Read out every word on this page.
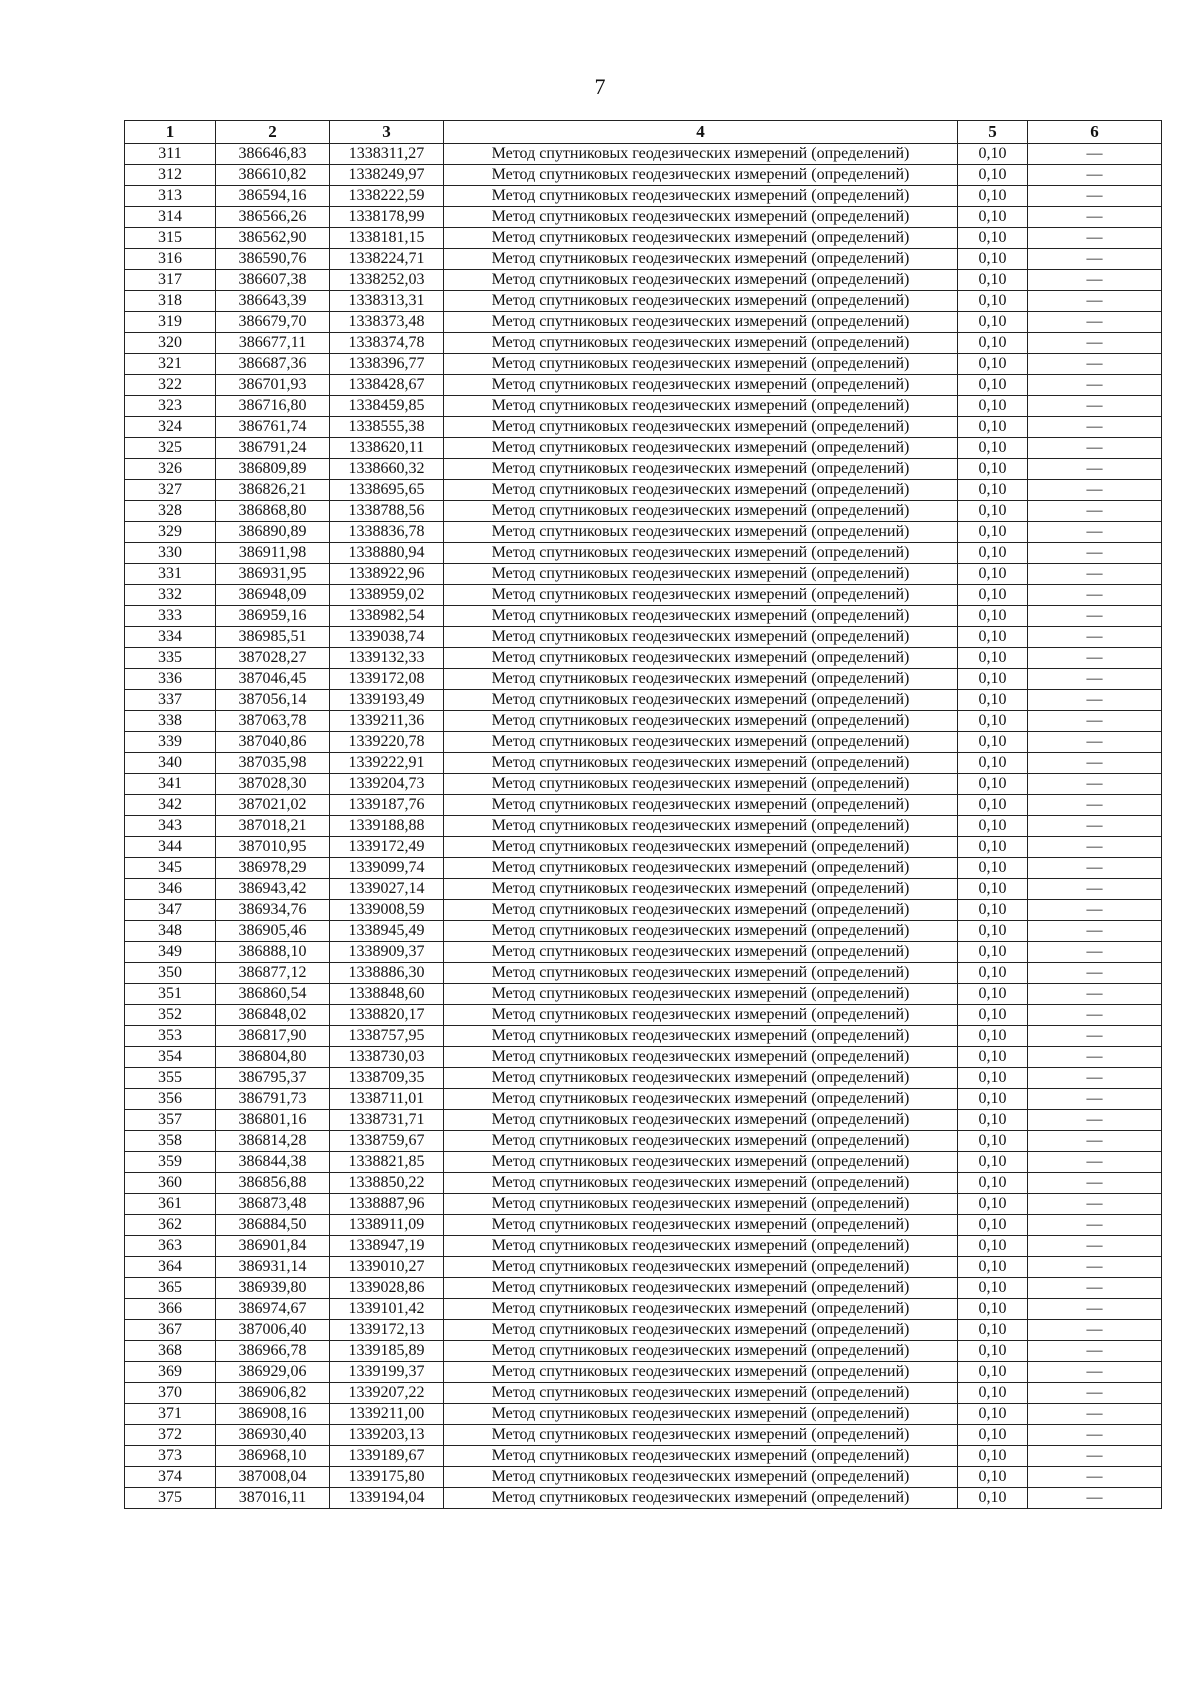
7
1	2	3	4	5	6
311	386646,83	1338311,27	Метод спутниковых геодезических измерений (определений)	0,10	—
312	386610,82	1338249,97	Метод спутниковых геодезических измерений (определений)	0,10	—
313	386594,16	1338222,59	Метод спутниковых геодезических измерений (определений)	0,10	—
314	386566,26	1338178,99	Метод спутниковых геодезических измерений (определений)	0,10	—
315	386562,90	1338181,15	Метод спутниковых геодезических измерений (определений)	0,10	—
316	386590,76	1338224,71	Метод спутниковых геодезических измерений (определений)	0,10	—
317	386607,38	1338252,03	Метод спутниковых геодезических измерений (определений)	0,10	—
318	386643,39	1338313,31	Метод спутниковых геодезических измерений (определений)	0,10	—
319	386679,70	1338373,48	Метод спутниковых геодезических измерений (определений)	0,10	—
320	386677,11	1338374,78	Метод спутниковых геодезических измерений (определений)	0,10	—
321	386687,36	1338396,77	Метод спутниковых геодезических измерений (определений)	0,10	—
322	386701,93	1338428,67	Метод спутниковых геодезических измерений (определений)	0,10	—
323	386716,80	1338459,85	Метод спутниковых геодезических измерений (определений)	0,10	—
324	386761,74	1338555,38	Метод спутниковых геодезических измерений (определений)	0,10	—
325	386791,24	1338620,11	Метод спутниковых геодезических измерений (определений)	0,10	—
326	386809,89	1338660,32	Метод спутниковых геодезических измерений (определений)	0,10	—
327	386826,21	1338695,65	Метод спутниковых геодезических измерений (определений)	0,10	—
328	386868,80	1338788,56	Метод спутниковых геодезических измерений (определений)	0,10	—
329	386890,89	1338836,78	Метод спутниковых геодезических измерений (определений)	0,10	—
330	386911,98	1338880,94	Метод спутниковых геодезических измерений (определений)	0,10	—
331	386931,95	1338922,96	Метод спутниковых геодезических измерений (определений)	0,10	—
332	386948,09	1338959,02	Метод спутниковых геодезических измерений (определений)	0,10	—
333	386959,16	1338982,54	Метод спутниковых геодезических измерений (определений)	0,10	—
334	386985,51	1339038,74	Метод спутниковых геодезических измерений (определений)	0,10	—
335	387028,27	1339132,33	Метод спутниковых геодезических измерений (определений)	0,10	—
336	387046,45	1339172,08	Метод спутниковых геодезических измерений (определений)	0,10	—
337	387056,14	1339193,49	Метод спутниковых геодезических измерений (определений)	0,10	—
338	387063,78	1339211,36	Метод спутниковых геодезических измерений (определений)	0,10	—
339	387040,86	1339220,78	Метод спутниковых геодезических измерений (определений)	0,10	—
340	387035,98	1339222,91	Метод спутниковых геодезических измерений (определений)	0,10	—
341	387028,30	1339204,73	Метод спутниковых геодезических измерений (определений)	0,10	—
342	387021,02	1339187,76	Метод спутниковых геодезических измерений (определений)	0,10	—
343	387018,21	1339188,88	Метод спутниковых геодезических измерений (определений)	0,10	—
344	387010,95	1339172,49	Метод спутниковых геодезических измерений (определений)	0,10	—
345	386978,29	1339099,74	Метод спутниковых геодезических измерений (определений)	0,10	—
346	386943,42	1339027,14	Метод спутниковых геодезических измерений (определений)	0,10	—
347	386934,76	1339008,59	Метод спутниковых геодезических измерений (определений)	0,10	—
348	386905,46	1338945,49	Метод спутниковых геодезических измерений (определений)	0,10	—
349	386888,10	1338909,37	Метод спутниковых геодезических измерений (определений)	0,10	—
350	386877,12	1338886,30	Метод спутниковых геодезических измерений (определений)	0,10	—
351	386860,54	1338848,60	Метод спутниковых геодезических измерений (определений)	0,10	—
352	386848,02	1338820,17	Метод спутниковых геодезических измерений (определений)	0,10	—
353	386817,90	1338757,95	Метод спутниковых геодезических измерений (определений)	0,10	—
354	386804,80	1338730,03	Метод спутниковых геодезических измерений (определений)	0,10	—
355	386795,37	1338709,35	Метод спутниковых геодезических измерений (определений)	0,10	—
356	386791,73	1338711,01	Метод спутниковых геодезических измерений (определений)	0,10	—
357	386801,16	1338731,71	Метод спутниковых геодезических измерений (определений)	0,10	—
358	386814,28	1338759,67	Метод спутниковых геодезических измерений (определений)	0,10	—
359	386844,38	1338821,85	Метод спутниковых геодезических измерений (определений)	0,10	—
360	386856,88	1338850,22	Метод спутниковых геодезических измерений (определений)	0,10	—
361	386873,48	1338887,96	Метод спутниковых геодезических измерений (определений)	0,10	—
362	386884,50	1338911,09	Метод спутниковых геодезических измерений (определений)	0,10	—
363	386901,84	1338947,19	Метод спутниковых геодезических измерений (определений)	0,10	—
364	386931,14	1339010,27	Метод спутниковых геодезических измерений (определений)	0,10	—
365	386939,80	1339028,86	Метод спутниковых геодезических измерений (определений)	0,10	—
366	386974,67	1339101,42	Метод спутниковых геодезических измерений (определений)	0,10	—
367	387006,40	1339172,13	Метод спутниковых геодезических измерений (определений)	0,10	—
368	386966,78	1339185,89	Метод спутниковых геодезических измерений (определений)	0,10	—
369	386929,06	1339199,37	Метод спутниковых геодезических измерений (определений)	0,10	—
370	386906,82	1339207,22	Метод спутниковых геодезических измерений (определений)	0,10	—
371	386908,16	1339211,00	Метод спутниковых геодезических измерений (определений)	0,10	—
372	386930,40	1339203,13	Метод спутниковых геодезических измерений (определений)	0,10	—
373	386968,10	1339189,67	Метод спутниковых геодезических измерений (определений)	0,10	—
374	387008,04	1339175,80	Метод спутниковых геодезических измерений (определений)	0,10	—
375	387016,11	1339194,04	Метод спутниковых геодезических измерений (определений)	0,10	—
